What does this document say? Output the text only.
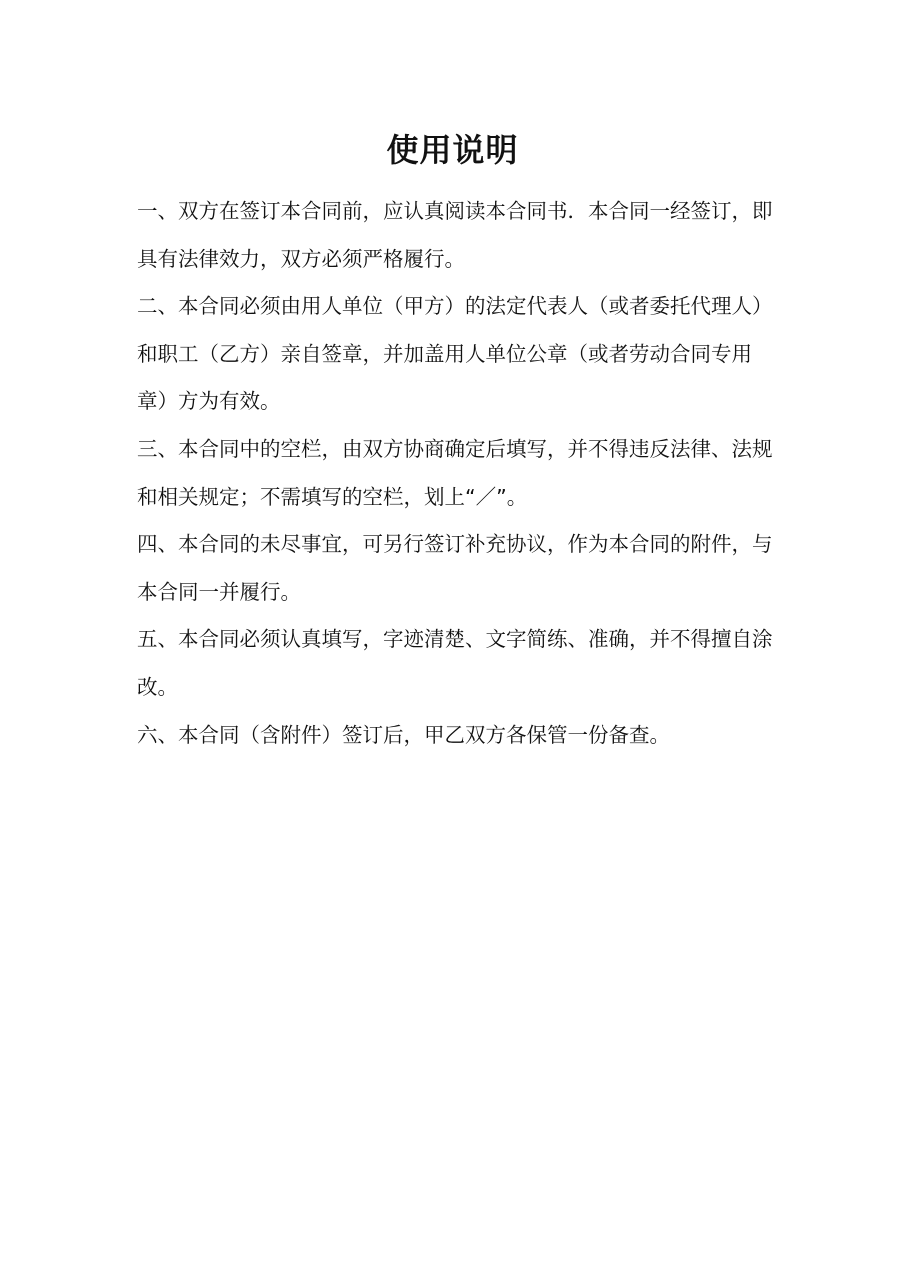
使用说明

一、双方在签订本合同前，应认真阅读本合同书．本合同一经签订，即
具有法律效力，双方必须严格履行。

二、本合同必须由用人单位（甲方）的法定代表人（或者委托代理人）
和职工（乙方）亲自签章，并加盖用人单位公章（或者劳动合同专用
章）方为有效。

三、本合同中的空栏，由双方协商确定后填写，并不得违反法律、法规
和相关规定；不需填写的空栏，划上“／”。

四、本合同的未尽事宜，可另行签订补充协议，作为本合同的附件，与
本合同一并履行。

五、本合同必须认真填写，字迹清楚、文字简练、准确，并不得擅自涂
改。

六、本合同（含附件）签订后，甲乙双方各保管一份备查。
